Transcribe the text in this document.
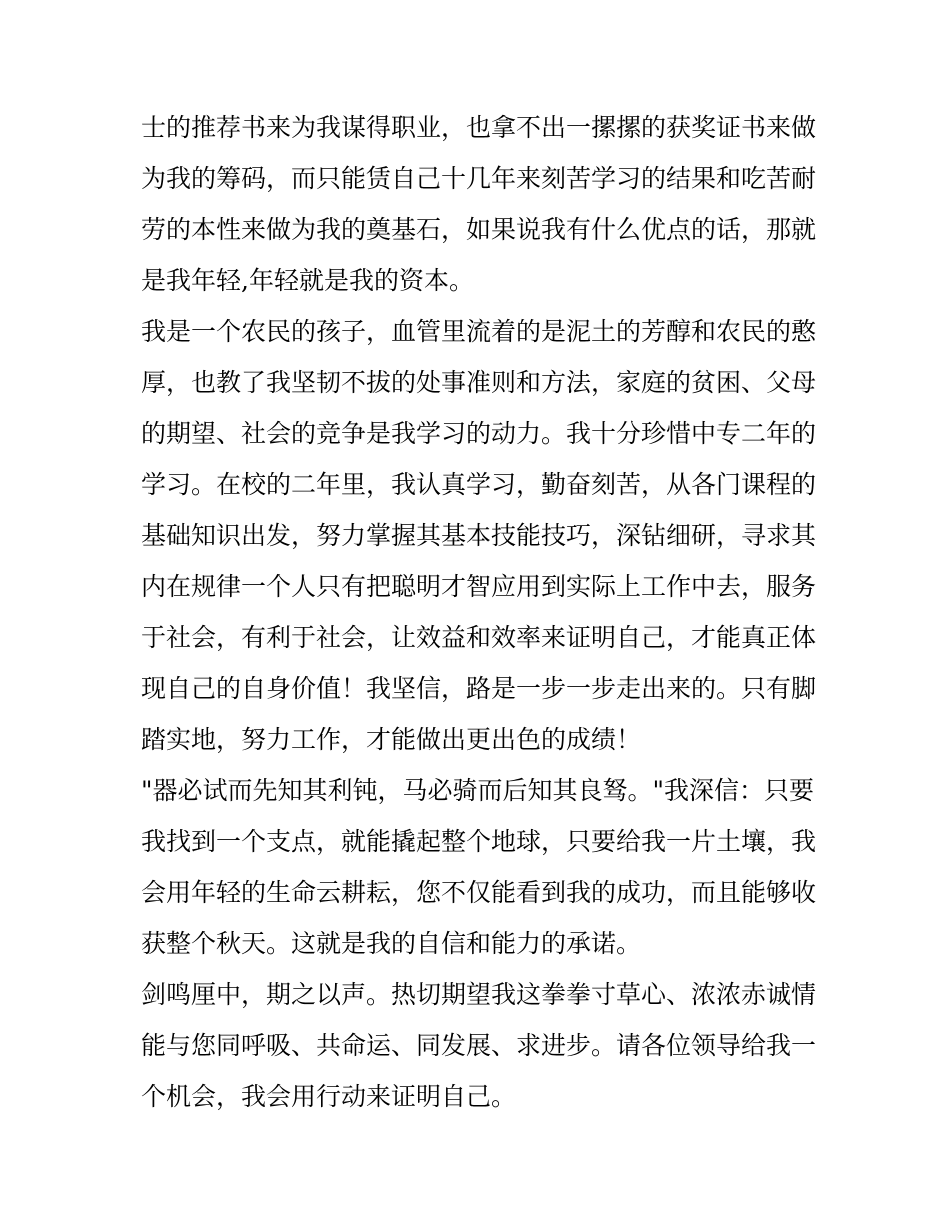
士的推荐书来为我谋得职业，也拿不出一摞摞的获奖证书来做
为我的筹码，而只能赁自己十几年来刻苦学习的结果和吃苦耐
劳的本性来做为我的奠基石，如果说我有什么优点的话，那就
是我年轻,年轻就是我的资本。
我是一个农民的孩子，血管里流着的是泥土的芳醇和农民的憨
厚，也教了我坚韧不拔的处事准则和方法，家庭的贫困、父母
的期望、社会的竞争是我学习的动力。我十分珍惜中专二年的
学习。在校的二年里，我认真学习，勤奋刻苦，从各门课程的
基础知识出发，努力掌握其基本技能技巧，深钻细研，寻求其
内在规律一个人只有把聪明才智应用到实际上工作中去，服务
于社会，有利于社会，让效益和效率来证明自己，才能真正体
现自己的自身价值！我坚信，路是一步一步走出来的。只有脚
踏实地，努力工作，才能做出更出色的成绩！
"器必试而先知其利钝，马必骑而后知其良驽。"我深信：只要
我找到一个支点，就能撬起整个地球，只要给我一片土壤，我
会用年轻的生命云耕耘，您不仅能看到我的成功，而且能够收
获整个秋天。这就是我的自信和能力的承诺。
剑鸣厘中，期之以声。热切期望我这拳拳寸草心、浓浓赤诚情
能与您同呼吸、共命运、同发展、求进步。请各位领导给我一
个机会，我会用行动来证明自己。
